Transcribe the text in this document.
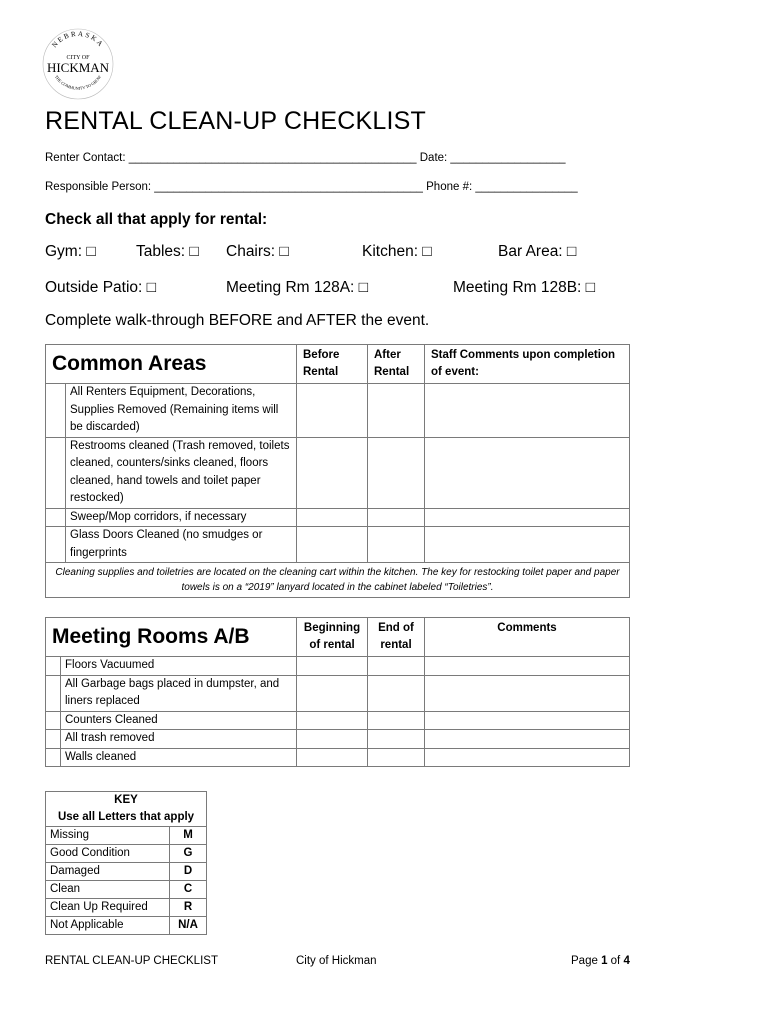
NEBRASKA
CITY OF
HICKMAN
THE COMMUNITY TO GROW
RENTAL CLEAN-UP CHECKLIST
Renter Contact: _____________________________________________ Date: __________________
Responsible Person: __________________________________________ Phone #: ________________
Check all that apply for rental:
Gym: □	Tables: □ Chairs: □	Kitchen: □	Bar Area: □
Outside Patio: □	Meeting Rm 128A: □	Meeting Rm 128B: □
Complete walk-through BEFORE and AFTER the event.
Common Areas		Before Rental	After Rental	Staff Comments upon completion of event:
	All Renters Equipment, Decorations, Supplies Removed (Remaining items will be discarded)			
	Restrooms cleaned (Trash removed, toilets cleaned, counters/sinks cleaned, floors cleaned, hand towels and toilet paper restocked)			
	Sweep/Mop corridors, if necessary			
	Glass Doors Cleaned (no smudges or fingerprints			
Cleaning supplies and toiletries are located on the cleaning cart within the kitchen. The key for restocking toilet paper and paper towels is on a “2019” lanyard located in the cabinet labeled “Toiletries”.				
Meeting Rooms A/B		Beginning of rental	End of rental	Comments
	Floors Vacuumed			
	All Garbage bags placed in dumpster, and liners replaced			
	Counters Cleaned			
	All trash removed			
	Walls cleaned			
KEY	
Use all Letters that apply	
Missing	M
Good Condition	G
Damaged	D
Clean	C
Clean Up Required	R
Not Applicable	N/A
RENTAL CLEAN-UP CHECKLIST	City of Hickman	Page 1 of 4
